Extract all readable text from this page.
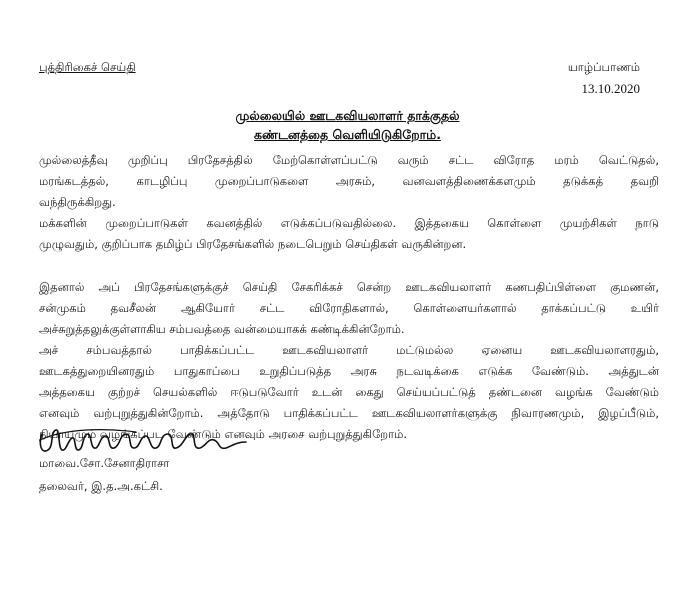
புத்திரிகைச் செய்தி	யாழ்ப்பாணம்
13.10.2020
முல்லையில் ஊடகவியலாளர் தாக்குதல்
கண்டனத்தை வெளியிடுகிறோம்.
முல்லைத்தீவு முறிப்பு பிரதேசத்தில் மேற்கொள்ளப்பட்டு வரும் சட்ட விரோத மரம் வெட்டுதல்,
மரங்கடத்தல், காடழிப்பு முறைப்பாடுகளை அரசும், வனவளத்திணைக்களமும் தடுக்கத் தவறி
வந்திருக்கிறது.
மக்களின் முறைப்பாடுகள் கவனத்தில் எடுக்கப்படுவதில்லை. இத்தகைய கொள்ளை முயற்சிகள் நாடு
முழுவதும், குறிப்பாக தமிழ்ப் பிரதேசங்களில் நடைபெறும் செய்திகள் வருகின்றன.
இதனால் அப் பிரதேசங்களுக்குச் செய்தி சேகரிக்கச் சென்ற ஊடகவியலாளர் கணபதிப்பிள்ளை குமணன்,
சன்முகம் தவசீலன் ஆகியோர் சட்ட விரோதிகளால், கொள்ளையர்களால் தாக்கப்பட்டு உயிர்
அச்சுறுத்தலுக்குள்ளாகிய சம்பவத்தை வன்மையாகக் கண்டிக்கின்றோம்.
அச் சம்பவத்தால் பாதிக்கப்பட்ட ஊடகவியலாளர் மட்டுமல்ல ஏனைய ஊடகவியலாளரதும்,
ஊடகத்துறையினரதும் பாதுகாப்பை உறுதிப்படுத்த அரசு நடவடிக்கை எடுக்க வேண்டும். அத்துடன்
அத்தகைய குற்றச் செயல்களில் ஈடுபடுவோர் உடன் கைது செய்யப்பட்டுத் தண்டனை வழங்க வேண்டும்
எனவும் வற்புறுத்துகின்றோம். அத்தோடு பாதிக்கப்பட்ட ஊடகவியலாளர்களுக்கு நிவாரணமும், இழப்பீடும்,
நியாயமும் வழங்கப்பட வேண்டும் எனவும் அரசை வற்புறுத்துகிறோம்.
மாவை.சோ.சேனாதிராசா
தலைவர், இ.த.அ.கட்சி.
